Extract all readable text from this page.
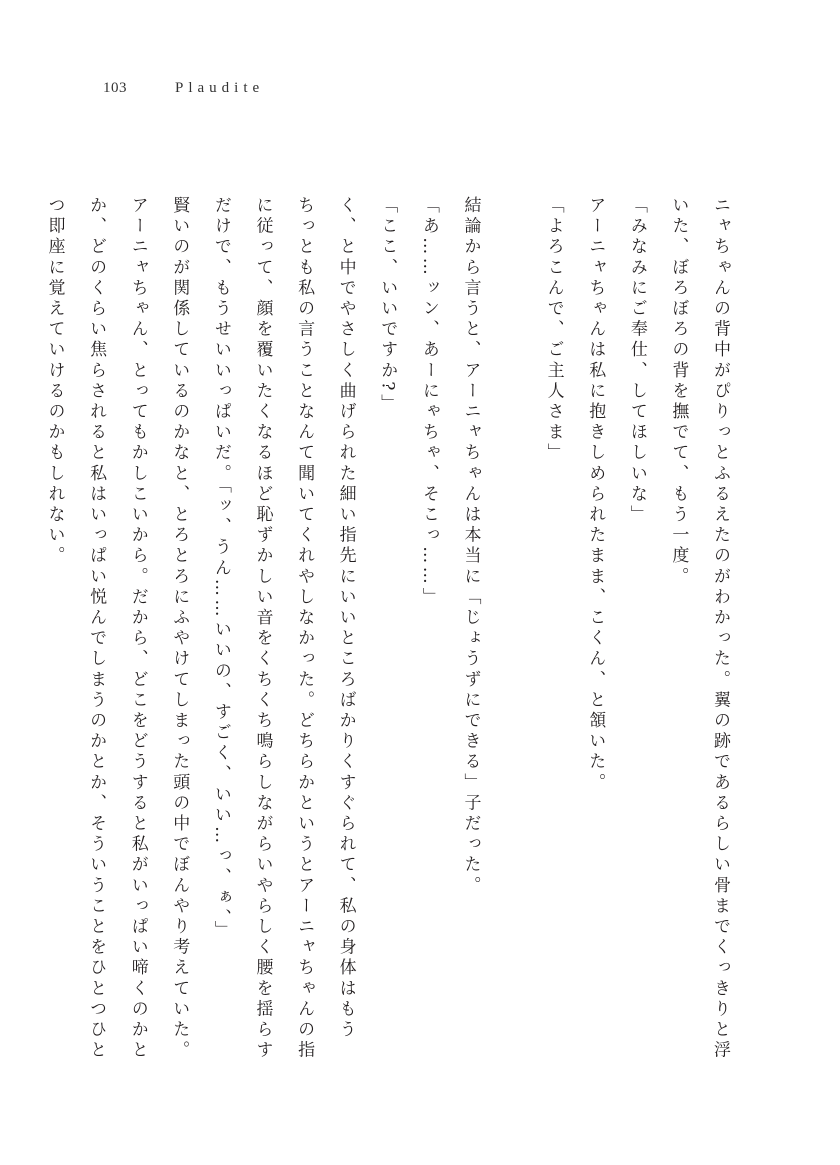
103	Plaudite
ニャちゃんの背中がぴりっとふるえたのがわかった。翼の跡であるらしい骨までくっきりと浮
いた、ぼろぼろの背を撫でて、もう一度。
「みなみにご奉仕、してほしいな」
アーニャちゃんは私に抱きしめられたまま、こくん、と頷いた。
「よろこんで、ご主人さま」
結論から言うと、アーニャちゃんは本当に「じょうずにできる」子だった。
「あ……ッン、あーにゃちゃ、そこっ……」
「ここ、いいですか?」
く、と中でやさしく曲げられた細い指先にいいところばかりくすぐられて、私の身体はもう
ちっとも私の言うことなんて聞いてくれやしなかった。どちらかというとアーニャちゃんの指
に従って、顔を覆いたくなるほど恥ずかしい音をくちくち鳴らしながらいやらしく腰を揺らす
だけで、もうせいいっぱいだ。「ッ、うん……いいの、すごく、いい…っ、ぁ、」
賢いのが関係しているのかなと、とろとろにふやけてしまった頭の中でぼんやり考えていた。
アーニャちゃん、とってもかしこいから。だから、どこをどうすると私がいっぱい啼くのかと
か、どのくらい焦らされると私はいっぱい悦んでしまうのかとか、そういうことをひとつひと
つ即座に覚えていけるのかもしれない。
